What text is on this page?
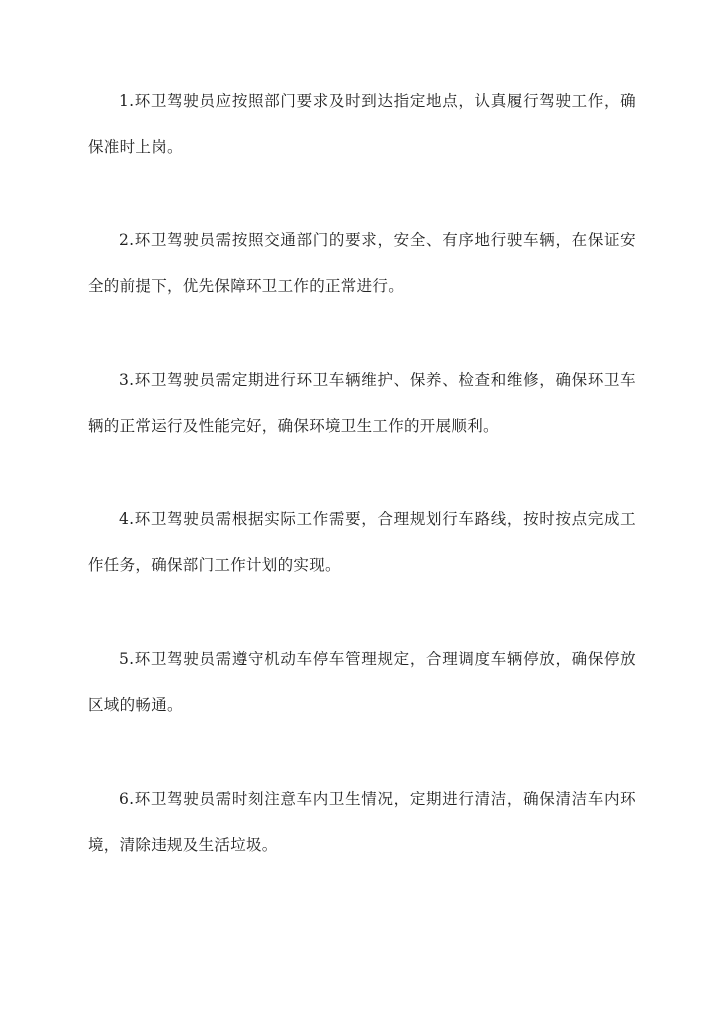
1.环卫驾驶员应按照部门要求及时到达指定地点，认真履行驾驶工作，确保准时上岗。

2.环卫驾驶员需按照交通部门的要求，安全、有序地行驶车辆，在保证安全的前提下，优先保障环卫工作的正常进行。

3.环卫驾驶员需定期进行环卫车辆维护、保养、检查和维修，确保环卫车辆的正常运行及性能完好，确保环境卫生工作的开展顺利。

4.环卫驾驶员需根据实际工作需要，合理规划行车路线，按时按点完成工作任务，确保部门工作计划的实现。

5.环卫驾驶员需遵守机动车停车管理规定，合理调度车辆停放，确保停放区域的畅通。

6.环卫驾驶员需时刻注意车内卫生情况，定期进行清洁，确保清洁车内环境，清除违规及生活垃圾。
